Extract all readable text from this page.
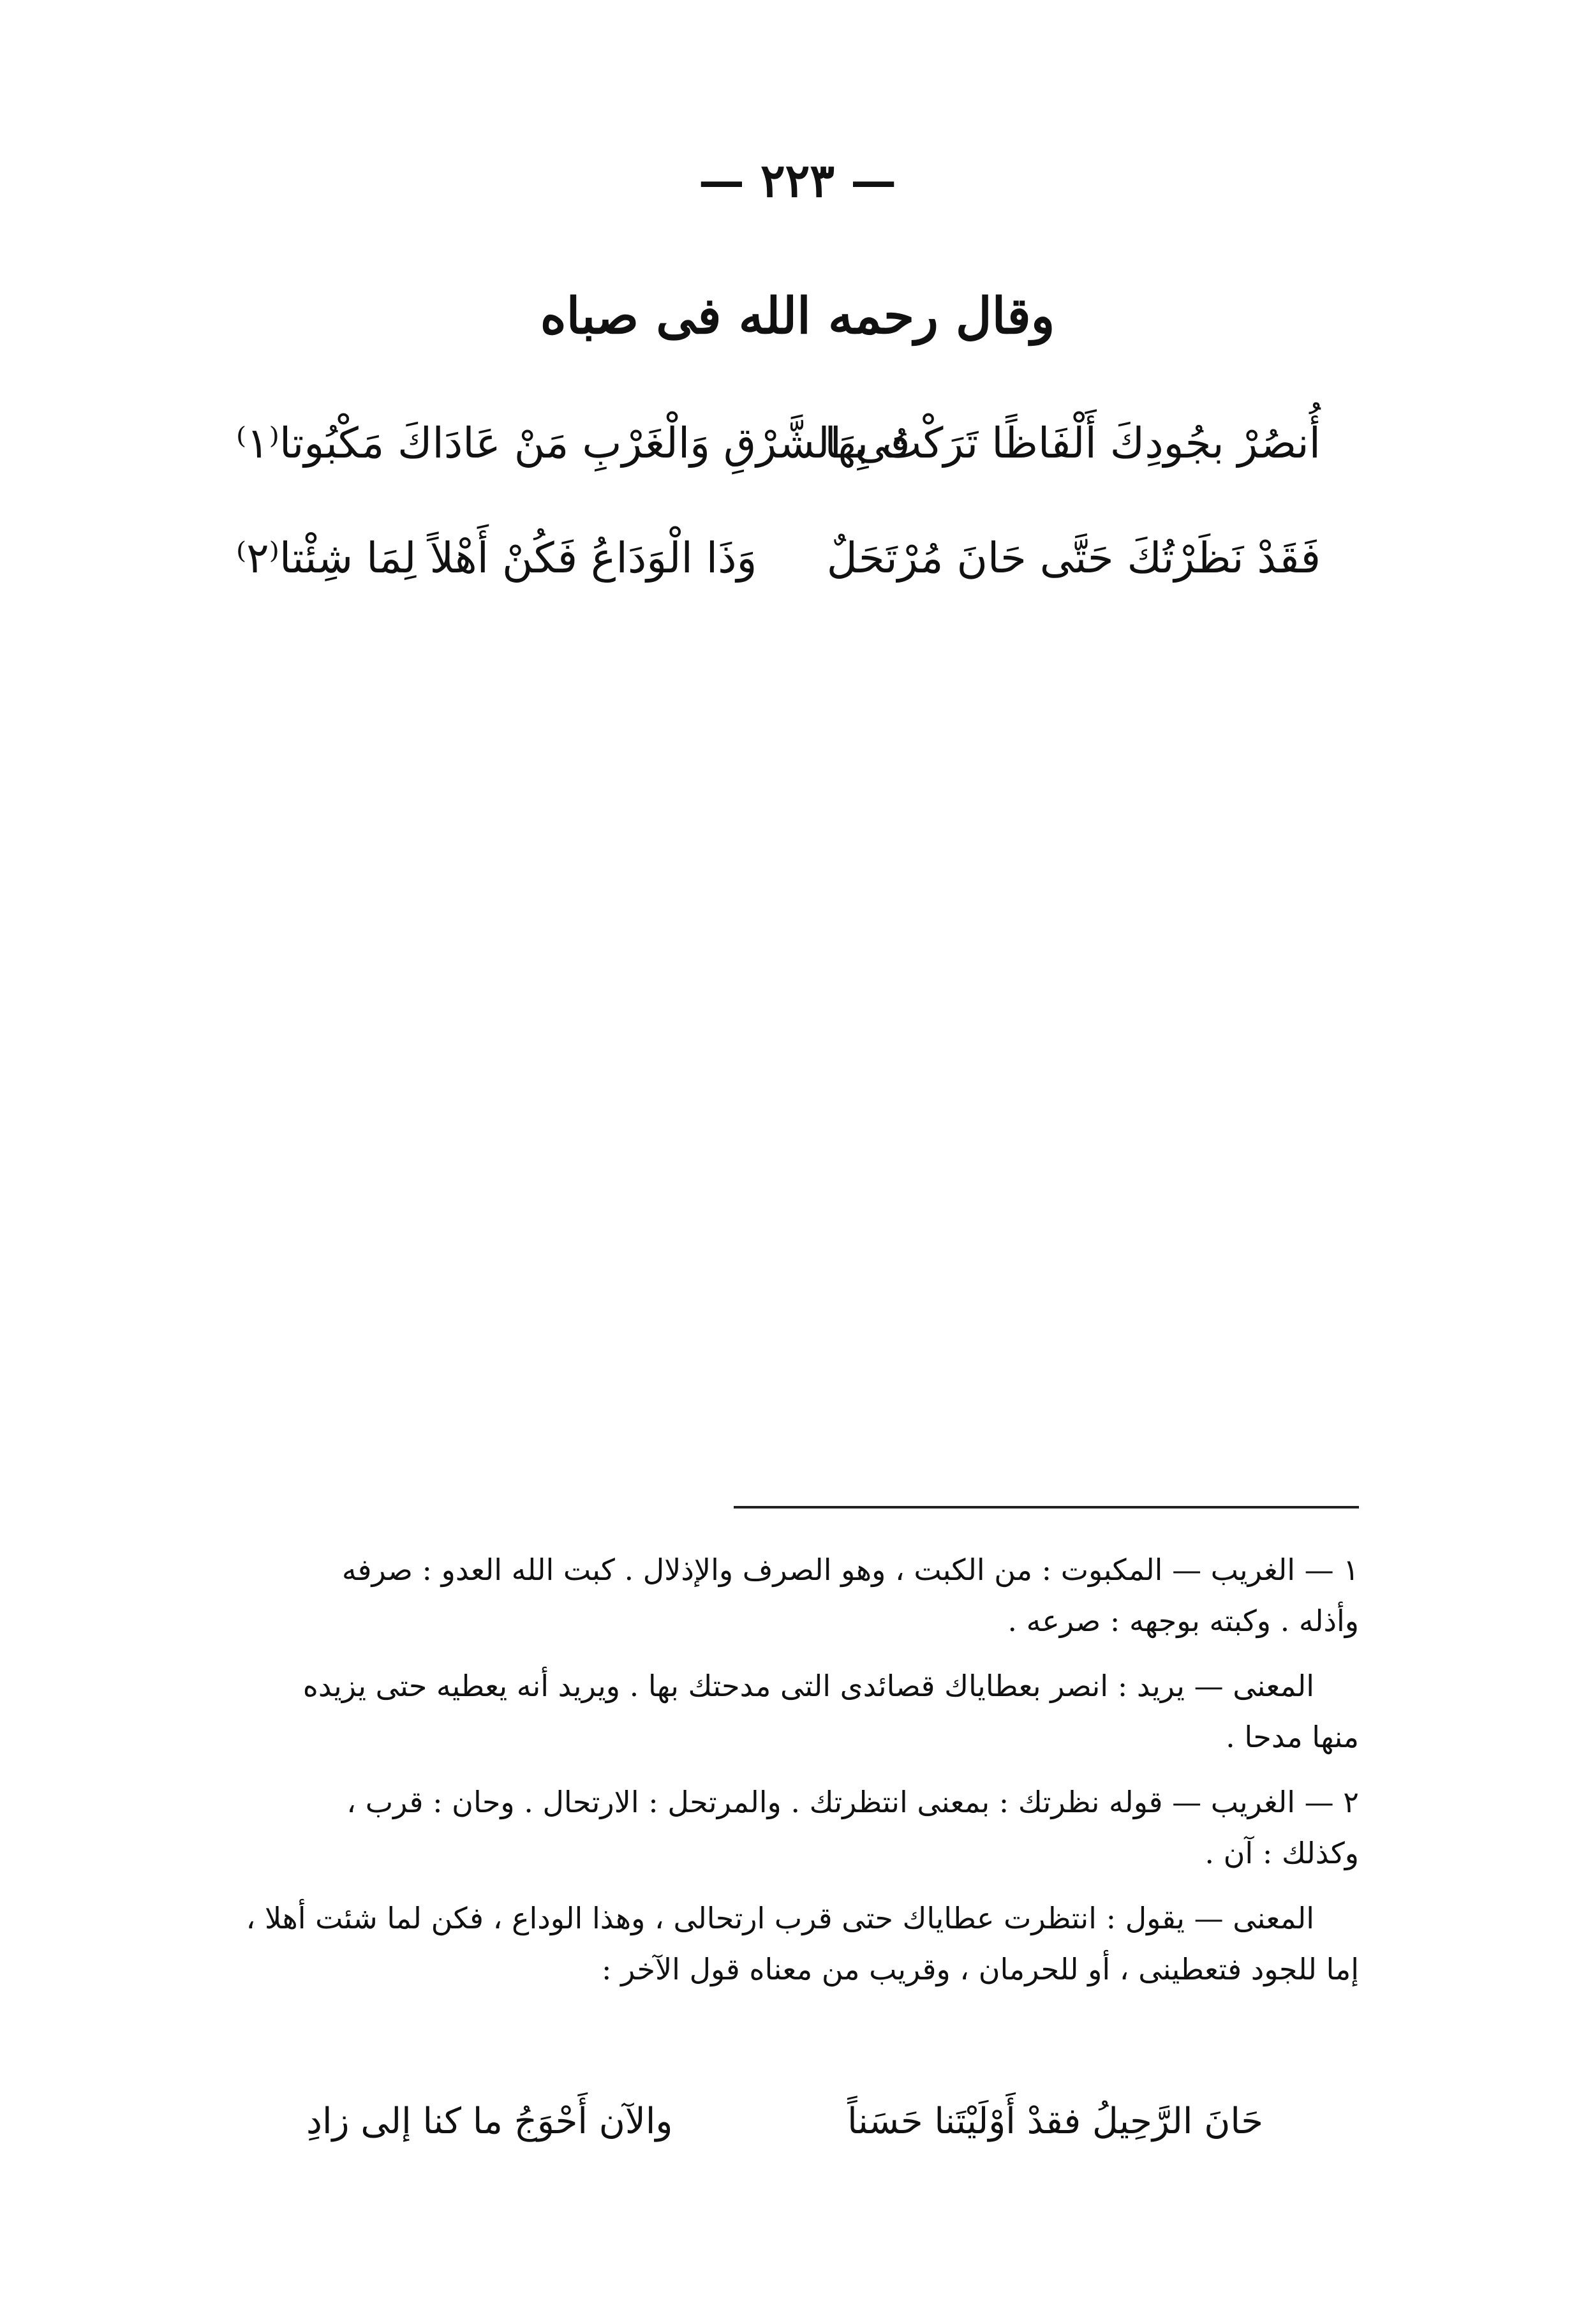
— ٢٢٣ —
وقال رحمه الله فى صباه
أُنصُرْ بجُودِكَ أَلْفَاظًا تَرَكْتُ بِهَا
فى الشَّرْقِ وَالْغَرْبِ مَنْ عَادَاكَ مَكْبُوتا⁽١⁾
فَقَدْ نَظَرْتُكَ حَتَّى حَانَ مُرْتَحَلٌ
وَذَا الْوَدَاعُ فَكُنْ أَهْلاً لِمَا شِئْتا⁽٢⁾
١ — الغريب — المكبوت : من الكبت ، وهو الصرف والإذلال . كبت الله العدو : صرفه
وأذله . وكبته بوجهه : صرعه .
المعنى — يريد : انصر بعطاياك قصائدى التى مدحتك بها . ويريد أنه يعطيه حتى يزيده
منها مدحا .
٢ — الغريب — قوله نظرتك : بمعنى انتظرتك . والمرتحل : الارتحال . وحان : قرب ،
وكذلك : آن .
المعنى — يقول : انتظرت عطاياك حتى قرب ارتحالى ، وهذا الوداع ، فكن لما شئت أهلا ،
إما للجود فتعطينى ، أو للحرمان ، وقريب من معناه قول الآخر :
حَانَ الرَّحِيلُ فقدْ أَوْلَيْتَنا حَسَناً
والآن أَحْوَجُ ما كنا إلى زادِ
